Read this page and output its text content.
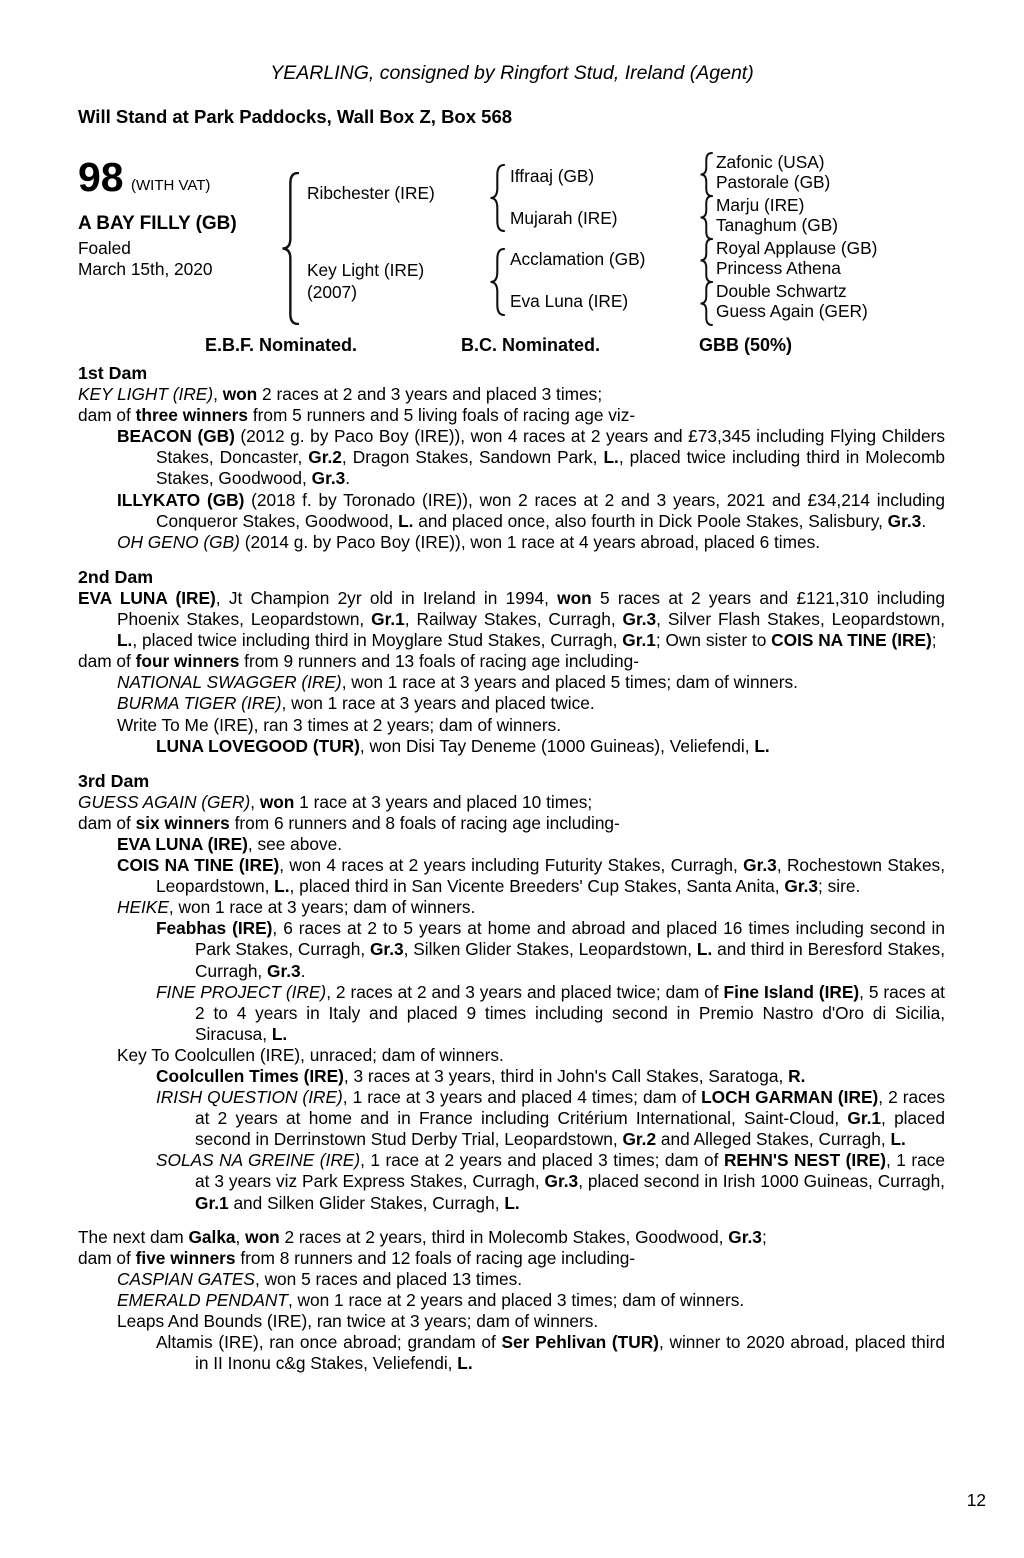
YEARLING, consigned by Ringfort Stud, Ireland (Agent)
Will Stand at Park Paddocks, Wall Box Z, Box 568
98 (WITH VAT)
A BAY FILLY (GB)
Foaled
March 15th, 2020
Ribchester (IRE)
Key Light (IRE)
(2007)
Iffraaj (GB)
Mujarah (IRE)
Acclamation (GB)
Eva Luna (IRE)
Zafonic (USA)
Pastorale (GB)
Marju (IRE)
Tanaghum (GB)
Royal Applause (GB)
Princess Athena
Double Schwartz
Guess Again (GER)
E.B.F. Nominated.	B.C. Nominated.	GBB (50%)
1st Dam

KEY LIGHT (IRE), won 2 races at 2 and 3 years and placed 3 times;

dam of three winners from 5 runners and 5 living foals of racing age viz-

BEACON (GB) (2012 g. by Paco Boy (IRE)), won 4 races at 2 years and £73,345 including Flying Childers Stakes, Doncaster, Gr.2, Dragon Stakes, Sandown Park, L., placed twice including third in Molecomb Stakes, Goodwood, Gr.3.

ILLYKATO (GB) (2018 f. by Toronado (IRE)), won 2 races at 2 and 3 years, 2021 and £34,214 including Conqueror Stakes, Goodwood, L. and placed once, also fourth in Dick Poole Stakes, Salisbury, Gr.3.

OH GENO (GB) (2014 g. by Paco Boy (IRE)), won 1 race at 4 years abroad, placed 6 times.

2nd Dam

EVA LUNA (IRE), Jt Champion 2yr old in Ireland in 1994, won 5 races at 2 years and £121,310 including Phoenix Stakes, Leopardstown, Gr.1, Railway Stakes, Curragh, Gr.3, Silver Flash Stakes, Leopardstown, L., placed twice including third in Moyglare Stud Stakes, Curragh, Gr.1; Own sister to COIS NA TINE (IRE);

dam of four winners from 9 runners and 13 foals of racing age including-

NATIONAL SWAGGER (IRE), won 1 race at 3 years and placed 5 times; dam of winners.

BURMA TIGER (IRE), won 1 race at 3 years and placed twice.

Write To Me (IRE), ran 3 times at 2 years; dam of winners.

LUNA LOVEGOOD (TUR), won Disi Tay Deneme (1000 Guineas), Veliefendi, L.

3rd Dam

GUESS AGAIN (GER), won 1 race at 3 years and placed 10 times;

dam of six winners from 6 runners and 8 foals of racing age including-

EVA LUNA (IRE), see above.

COIS NA TINE (IRE), won 4 races at 2 years including Futurity Stakes, Curragh, Gr.3, Rochestown Stakes, Leopardstown, L., placed third in San Vicente Breeders' Cup Stakes, Santa Anita, Gr.3; sire.

HEIKE, won 1 race at 3 years; dam of winners.

Feabhas (IRE), 6 races at 2 to 5 years at home and abroad and placed 16 times including second in Park Stakes, Curragh, Gr.3, Silken Glider Stakes, Leopardstown, L. and third in Beresford Stakes, Curragh, Gr.3.

FINE PROJECT (IRE), 2 races at 2 and 3 years and placed twice; dam of Fine Island (IRE), 5 races at 2 to 4 years in Italy and placed 9 times including second in Premio Nastro d'Oro di Sicilia, Siracusa, L.

Key To Coolcullen (IRE), unraced; dam of winners.

Coolcullen Times (IRE), 3 races at 3 years, third in John's Call Stakes, Saratoga, R.

IRISH QUESTION (IRE), 1 race at 3 years and placed 4 times; dam of LOCH GARMAN (IRE), 2 races at 2 years at home and in France including Critérium International, Saint-Cloud, Gr.1, placed second in Derrinstown Stud Derby Trial, Leopardstown, Gr.2 and Alleged Stakes, Curragh, L.

SOLAS NA GREINE (IRE), 1 race at 2 years and placed 3 times; dam of REHN'S NEST (IRE), 1 race at 3 years viz Park Express Stakes, Curragh, Gr.3, placed second in Irish 1000 Guineas, Curragh, Gr.1 and Silken Glider Stakes, Curragh, L.

The next dam Galka, won 2 races at 2 years, third in Molecomb Stakes, Goodwood, Gr.3;

dam of five winners from 8 runners and 12 foals of racing age including-

CASPIAN GATES, won 5 races and placed 13 times.

EMERALD PENDANT, won 1 race at 2 years and placed 3 times; dam of winners.

Leaps And Bounds (IRE), ran twice at 3 years; dam of winners.

Altamis (IRE), ran once abroad; grandam of Ser Pehlivan (TUR), winner to 2020 abroad, placed third in II Inonu c&g Stakes, Veliefendi, L.

12
